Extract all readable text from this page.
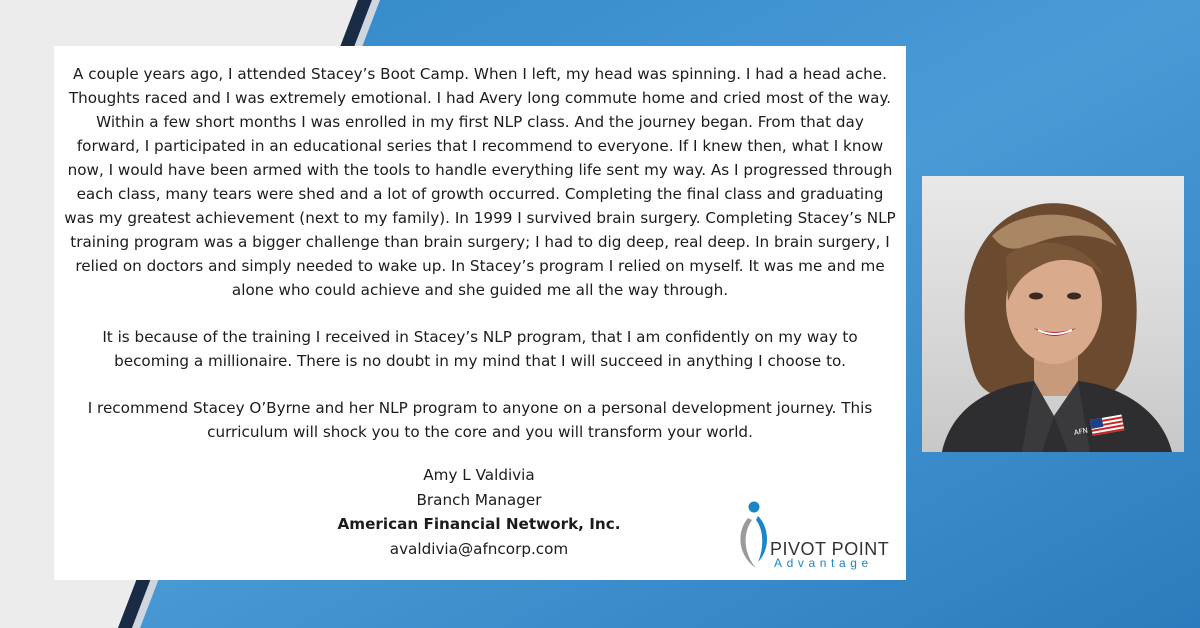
A couple years ago, I attended Stacey’s Boot Camp. When I left, my head was spinning. I had a head ache. Thoughts raced and I was extremely emotional. I had Avery long commute home and cried most of the way. Within a few short months I was enrolled in my first NLP class. And the journey began. From that day forward, I participated in an educational series that I recommend to everyone. If I knew then, what I know now, I would have been armed with the tools to handle everything life sent my way. As I progressed through each class, many tears were shed and a lot of growth occurred. Completing the final class and graduating was my greatest achievement (next to my family). In 1999 I survived brain surgery. Completing Stacey’s NLP training program was a bigger challenge than brain surgery; I had to dig deep, real deep. In brain surgery, I relied on doctors and simply needed to wake up. In Stacey’s program I relied on myself. It was me and me alone who could achieve and she guided me all the way through.

It is because of the training I received in Stacey’s NLP program, that I am confidently on my way to becoming a millionaire. There is no doubt in my mind that I will succeed in anything I choose to.

I recommend Stacey O’Byrne and her NLP program to anyone on a personal development journey. This curriculum will shock you to the core and you will transform your world.

Amy L Valdivia
Branch Manager
American Financial Network, Inc.
avaldivia@afncorp.com	PIVOT POINT
Advantage
AFN
